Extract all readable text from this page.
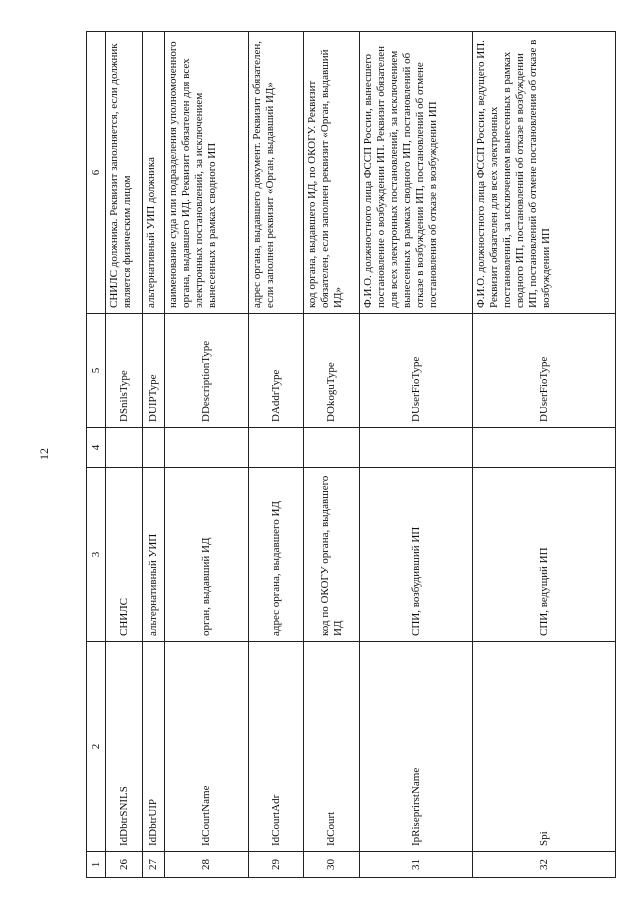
12
1	2	3	4	5	6
26	IdDbtrSNILS	СНИЛС		DSnilsType	СНИЛС должника. Реквизит заполняется, если должник является физическим лицом
27	IdDbtrUIP	альтернативный УИП		DUIPType	альтернативный УИП должника
28	IdCourtName	орган, выдавший ИД		DDescriptionType	наименование суда или подразделения уполномоченного органа, выдавшего ИД. Реквизит обязателен для всех электронных постановлений, за исключением вынесенных в рамках сводного ИП
29	IdCourtAdr	адрес органа, выдавшего ИД		DAddrType	адрес органа, выдавшего документ. Реквизит обязателен, если заполнен реквизит «Орган, выдавший ИД»
30	IdCourt	код по ОКОГУ органа, выдавшего ИД		DOkoguType	код органа, выдавшего ИД, по ОКОГУ. Реквизит обязателен, если заполнен реквизит «Орган, выдавший ИД»
31	IpRiseprirstName	СПИ, возбудивший ИП		DUserFioType	Ф.И.О. должностного лица ФССП России, вынесшего постановление о возбуждении ИП. Реквизит обязателен для всех электронных постановлений, за исключением вынесенных в рамках сводного ИП, постановлений об отказе в возбуждении ИП, постановлений об отмене постановления об отказе в возбуждении ИП
32	Spi	СПИ, ведущий ИП		DUserFioType	Ф.И.О. должностного лица ФССП России, ведущего ИП. Реквизит обязателен для всех электронных постановлений, за исключением вынесенных в рамках сводного ИП, постановлений об отказе в возбуждении ИП, постановлений об отмене постановления об отказе в возбуждении ИП
